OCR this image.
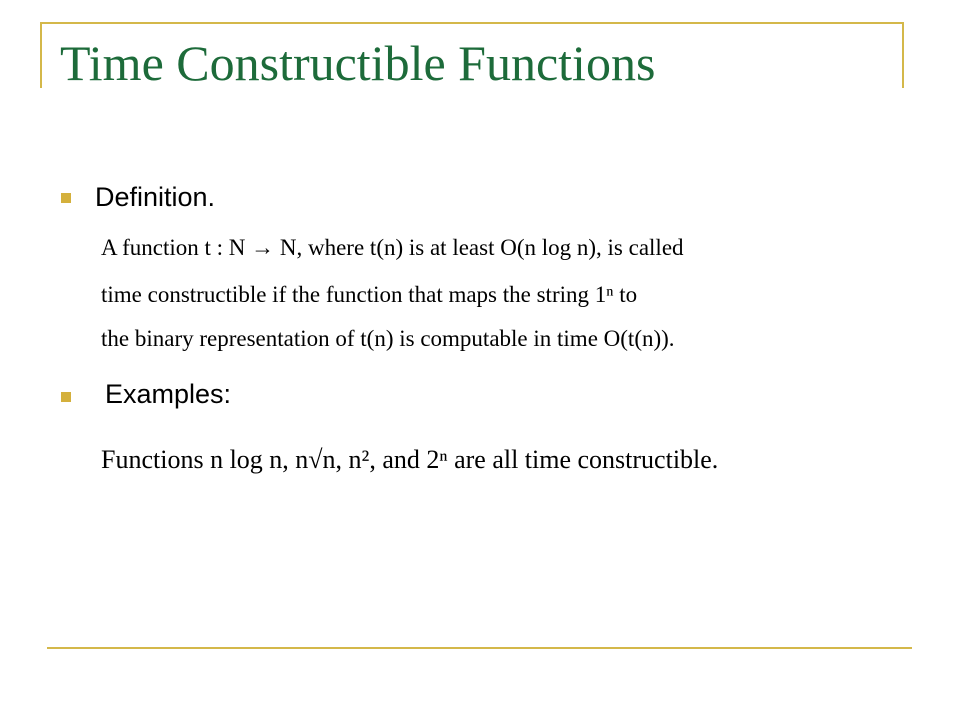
Time Constructible Functions
Definition.
A function t : N → N, where t(n) is at least O(n log n), is called
time constructible if the function that maps the string 1ⁿ to
the binary representation of t(n) is computable in time O(t(n)).
Examples:
Functions n log n, n√n, n², and 2ⁿ are all time constructible.
